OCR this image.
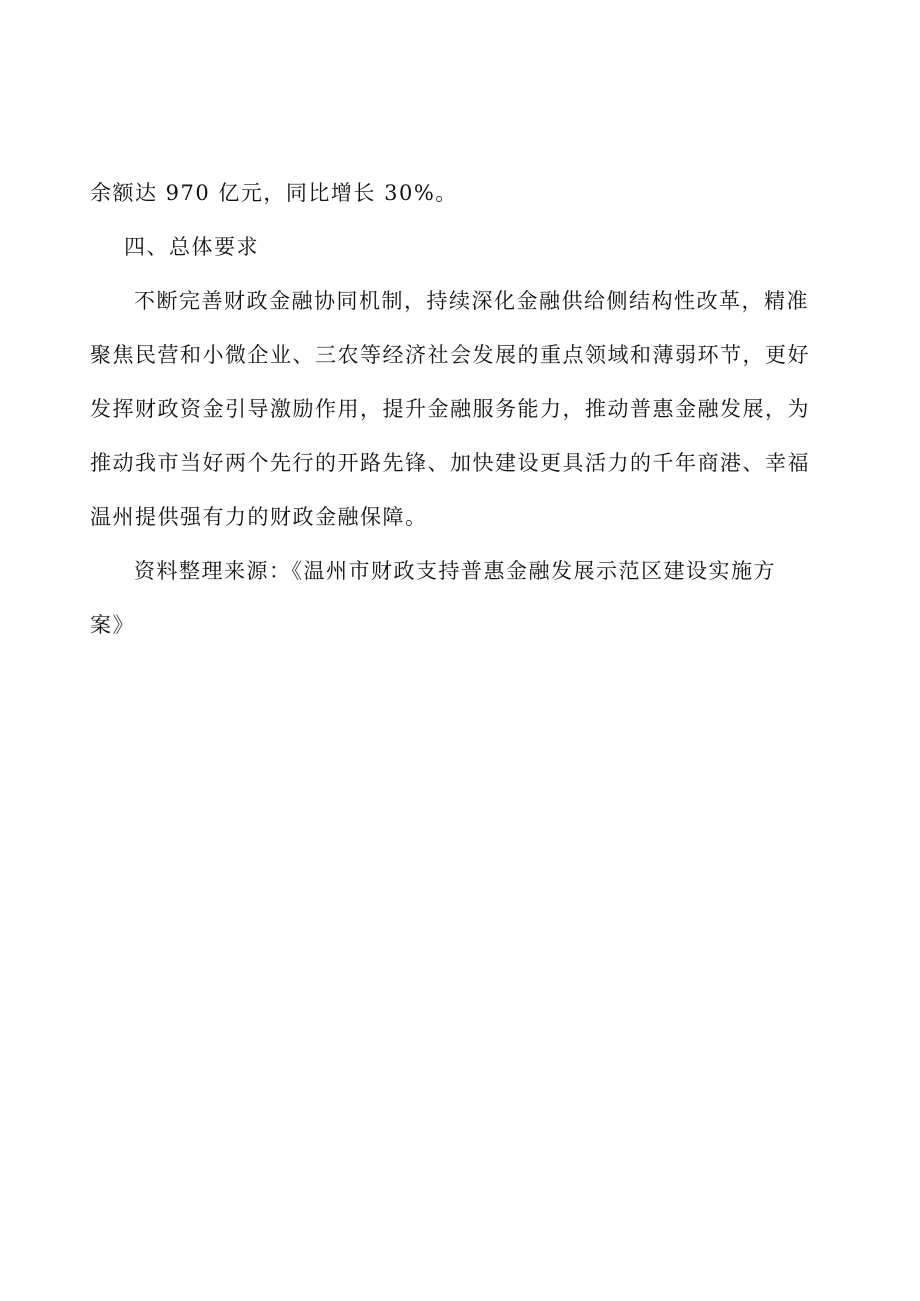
余额达 970 亿元，同比增长 30%。
四、总体要求
不断完善财政金融协同机制，持续深化金融供给侧结构性改革，精准
聚焦民营和小微企业、三农等经济社会发展的重点领域和薄弱环节，更好
发挥财政资金引导激励作用，提升金融服务能力，推动普惠金融发展，为
推动我市当好两个先行的开路先锋、加快建设更具活力的千年商港、幸福
温州提供强有力的财政金融保障。
资料整理来源：《温州市财政支持普惠金融发展示范区建设实施方
案》
